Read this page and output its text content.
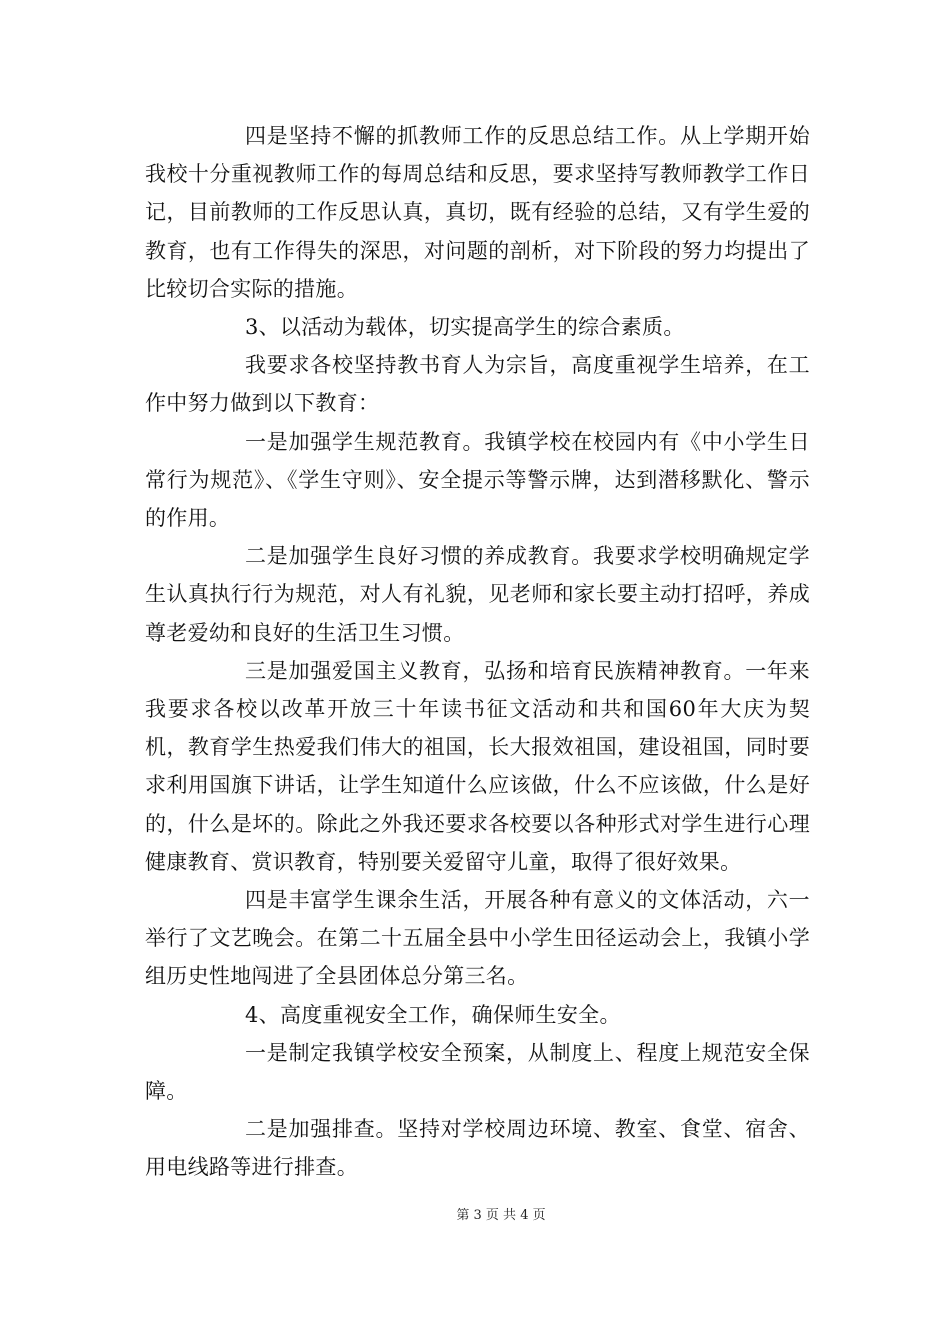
四是坚持不懈的抓教师工作的反思总结工作。从上学期开始我校十分重视教师工作的每周总结和反思，要求坚持写教师教学工作日记，目前教师的工作反思认真，真切，既有经验的总结，又有学生爱的教育，也有工作得失的深思，对问题的剖析，对下阶段的努力均提出了比较切合实际的措施。

3、以活动为载体，切实提高学生的综合素质。

我要求各校坚持教书育人为宗旨，高度重视学生培养，在工作中努力做到以下教育：

一是加强学生规范教育。我镇学校在校园内有《中小学生日常行为规范》、《学生守则》、安全提示等警示牌，达到潜移默化、警示的作用。

二是加强学生良好习惯的养成教育。我要求学校明确规定学生认真执行行为规范，对人有礼貌，见老师和家长要主动打招呼，养成尊老爱幼和良好的生活卫生习惯。

三是加强爱国主义教育，弘扬和培育民族精神教育。一年来我要求各校以改革开放三十年读书征文活动和共和国60年大庆为契机，教育学生热爱我们伟大的祖国，长大报效祖国，建设祖国，同时要求利用国旗下讲话，让学生知道什么应该做，什么不应该做，什么是好的，什么是坏的。除此之外我还要求各校要以各种形式对学生进行心理健康教育、赏识教育，特别要关爱留守儿童，取得了很好效果。

四是丰富学生课余生活，开展各种有意义的文体活动，六一举行了文艺晚会。在第二十五届全县中小学生田径运动会上，我镇小学组历史性地闯进了全县团体总分第三名。

4、高度重视安全工作，确保师生安全。

一是制定我镇学校安全预案，从制度上、程度上规范安全保障。

二是加强排查。坚持对学校周边环境、教室、食堂、宿舍、用电线路等进行排查。

第 3 页 共 4 页
